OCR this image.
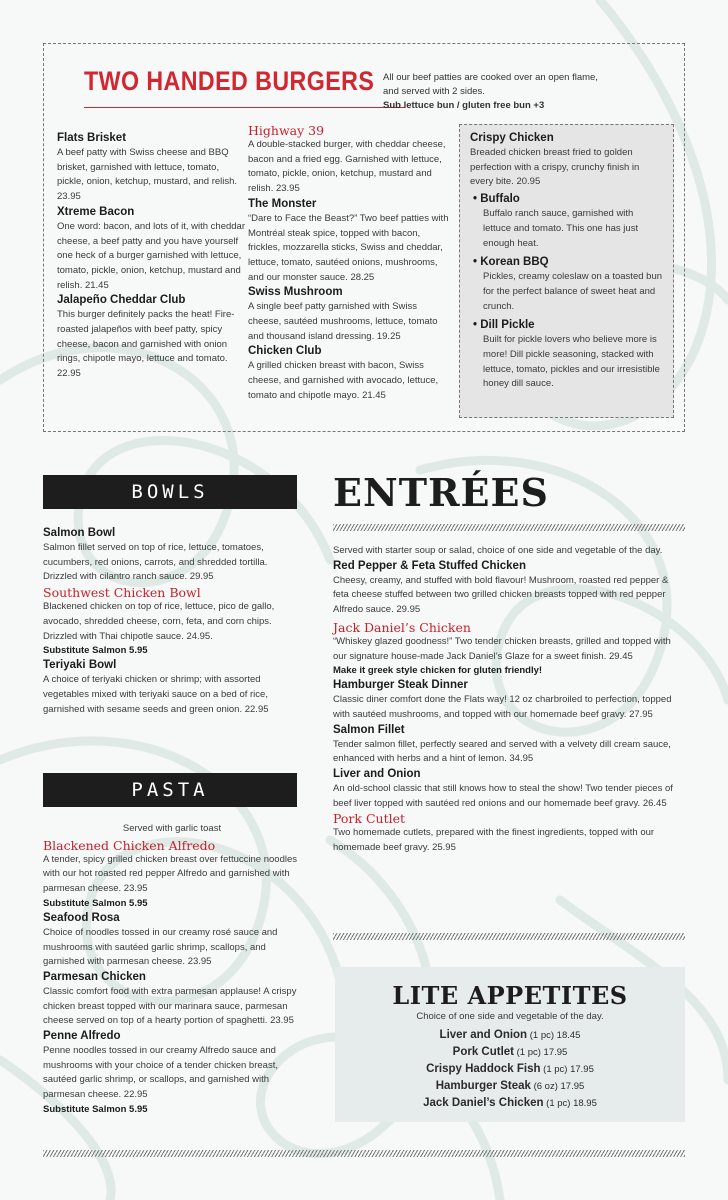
TWO HANDED BURGERS All our beef patties are cooked over an open flame,
and served with 2 sides.
Sub lettuce bun / gluten free bun +3
Flats Brisket
A beef patty with Swiss cheese and BBQ brisket, garnished with lettuce, tomato, pickle, onion, ketchup, mustard, and relish. 23.95
Xtreme Bacon
One word: bacon, and lots of it, with cheddar cheese, a beef patty and you have yourself one heck of a burger garnished with lettuce, tomato, pickle, onion, ketchup, mustard and relish. 21.45
Jalapeño Cheddar Club
This burger definitely packs the heat! Fire-roasted jalapeños with beef patty, spicy cheese, bacon and garnished with onion rings, chipotle mayo, lettuce and tomato. 22.95
Highway 39
A double-stacked burger, with cheddar cheese, bacon and a fried egg. Garnished with lettuce, tomato, pickle, onion, ketchup, mustard and relish. 23.95
The Monster
“Dare to Face the Beast?” Two beef patties with Montréal steak spice, topped with bacon, frickles, mozzarella sticks, Swiss and cheddar, lettuce, tomato, sautéed onions, mushrooms, and our monster sauce. 28.25
Swiss Mushroom
A single beef patty garnished with Swiss cheese, sautéed mushrooms, lettuce, tomato and thousand island dressing. 19.25
Chicken Club
A grilled chicken breast with bacon, Swiss cheese, and garnished with avocado, lettuce, tomato and chipotle mayo. 21.45
Crispy Chicken
Breaded chicken breast fried to golden perfection with a crispy, crunchy finish in every bite. 20.95
• Buffalo
Buffalo ranch sauce, garnished with lettuce and tomato. This one has just enough heat.
• Korean BBQ
Pickles, creamy coleslaw on a toasted bun for the perfect balance of sweet heat and crunch.
• Dill Pickle
Built for pickle lovers who believe more is more! Dill pickle seasoning, stacked with lettuce, tomato, pickles and our irresistible honey dill sauce.
BOWLS
Salmon Bowl
Salmon fillet served on top of rice, lettuce, tomatoes, cucumbers, red onions, carrots, and shredded tortilla. Drizzled with cilantro ranch sauce. 29.95
Southwest Chicken Bowl
Blackened chicken on top of rice, lettuce, pico de gallo, avocado, shredded cheese, corn, feta, and corn chips. Drizzled with Thai chipotle sauce. 24.95.
Substitute Salmon 5.95
Teriyaki Bowl
A choice of teriyaki chicken or shrimp; with assorted vegetables mixed with teriyaki sauce on a bed of rice, garnished with sesame seeds and green onion. 22.95
PASTA
Served with garlic toast
Blackened Chicken Alfredo
A tender, spicy grilled chicken breast over fettuccine noodles with our hot roasted red pepper Alfredo and garnished with parmesan cheese. 23.95
Substitute Salmon 5.95
Seafood Rosa
Choice of noodles tossed in our creamy rosé sauce and mushrooms with sautéed garlic shrimp, scallops, and garnished with parmesan cheese. 23.95
Parmesan Chicken
Classic comfort food with extra parmesan applause! A crispy chicken breast topped with our marinara sauce, parmesan cheese served on top of a hearty portion of spaghetti. 23.95
Penne Alfredo
Penne noodles tossed in our creamy Alfredo sauce and mushrooms with your choice of a tender chicken breast, sautéed garlic shrimp, or scallops, and garnished with parmesan cheese. 22.95
Substitute Salmon 5.95
ENTRÉES
Served with starter soup or salad, choice of one side and vegetable of the day.
Red Pepper & Feta Stuffed Chicken
Cheesy, creamy, and stuffed with bold flavour! Mushroom, roasted red pepper & feta cheese stuffed between two grilled chicken breasts topped with red pepper Alfredo sauce. 29.95
Jack Daniel’s Chicken
“Whiskey glazed goodness!” Two tender chicken breasts, grilled and topped with our signature house-made Jack Daniel’s Glaze for a sweet finish. 29.45
Make it greek style chicken for gluten friendly!
Hamburger Steak Dinner
Classic diner comfort done the Flats way! 12 oz charbroiled to perfection, topped with sautéed mushrooms, and topped with our homemade beef gravy. 27.95
Salmon Fillet
Tender salmon fillet, perfectly seared and served with a velvety dill cream sauce, enhanced with herbs and a hint of lemon. 34.95
Liver and Onion
An old-school classic that still knows how to steal the show! Two tender pieces of beef liver topped with sautéed red onions and our homemade beef gravy. 26.45
Pork Cutlet
Two homemade cutlets, prepared with the finest ingredients, topped with our homemade beef gravy. 25.95
LITE APPETITES
Choice of one side and vegetable of the day.
Liver and Onion (1 pc) 18.45
Pork Cutlet (1 pc) 17.95
Crispy Haddock Fish (1 pc) 17.95
Hamburger Steak (6 oz) 17.95
Jack Daniel’s Chicken (1 pc) 18.95
